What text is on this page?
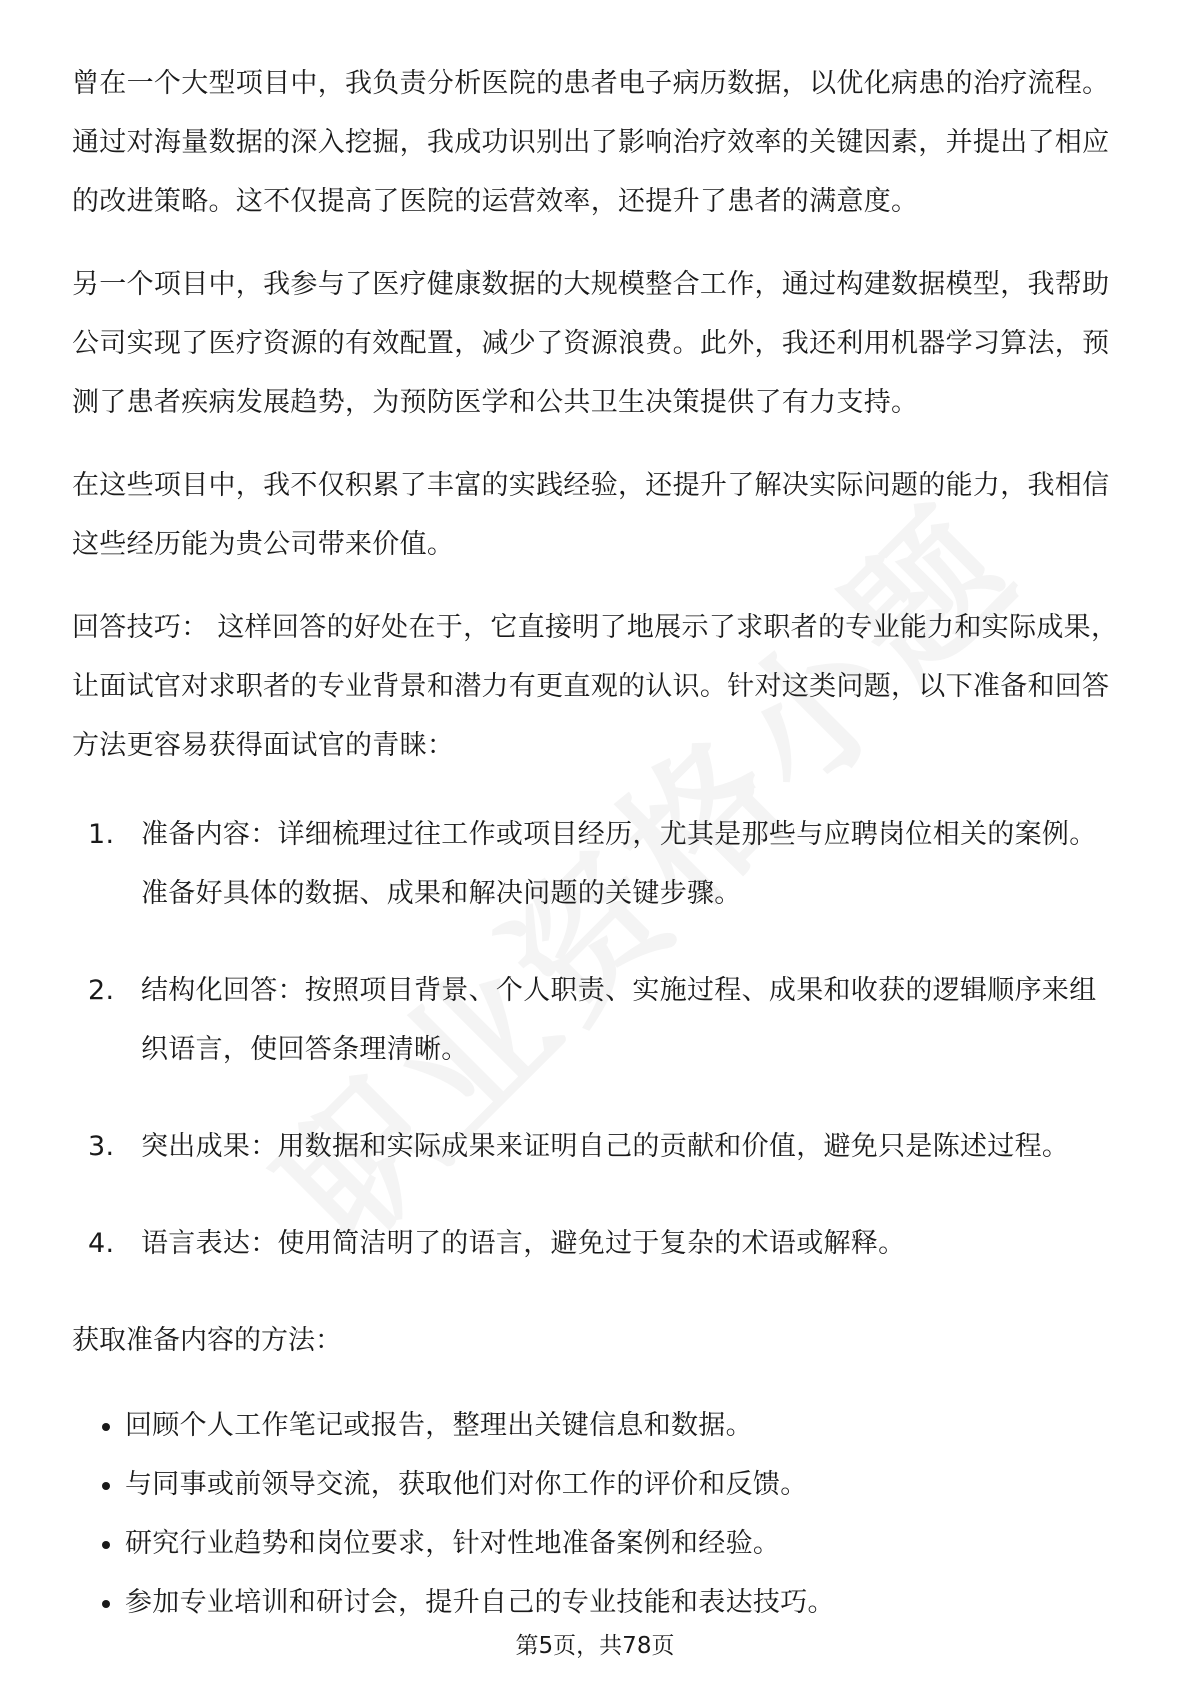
曾在一个大型项目中，我负责分析医院的患者电子病历数据，以优化病患的治疗流程。通过对海量数据的深入挖掘，我成功识别出了影响治疗效率的关键因素，并提出了相应的改进策略。这不仅提高了医院的运营效率，还提升了患者的满意度。

另一个项目中，我参与了医疗健康数据的大规模整合工作，通过构建数据模型，我帮助公司实现了医疗资源的有效配置，减少了资源浪费。此外，我还利用机器学习算法，预测了患者疾病发展趋势，为预防医学和公共卫生决策提供了有力支持。

在这些项目中，我不仅积累了丰富的实践经验，还提升了解决实际问题的能力，我相信这些经历能为贵公司带来价值。

回答技巧： 这样回答的好处在于，它直接明了地展示了求职者的专业能力和实际成果，让面试官对求职者的专业背景和潜力有更直观的认识。针对这类问题，以下准备和回答方法更容易获得面试官的青睐：

1. 准备内容：详细梳理过往工作或项目经历，尤其是那些与应聘岗位相关的案例。准备好具体的数据、成果和解决问题的关键步骤。
2. 结构化回答：按照项目背景、个人职责、实施过程、成果和收获的逻辑顺序来组织语言，使回答条理清晰。
3. 突出成果：用数据和实际成果来证明自己的贡献和价值，避免只是陈述过程。
4. 语言表达：使用简洁明了的语言，避免过于复杂的术语或解释。

获取准备内容的方法：

回顾个人工作笔记或报告，整理出关键信息和数据。
与同事或前领导交流，获取他们对你工作的评价和反馈。
研究行业趋势和岗位要求，针对性地准备案例和经验。
参加专业培训和研讨会，提升自己的专业技能和表达技巧。
第5页，共78页
